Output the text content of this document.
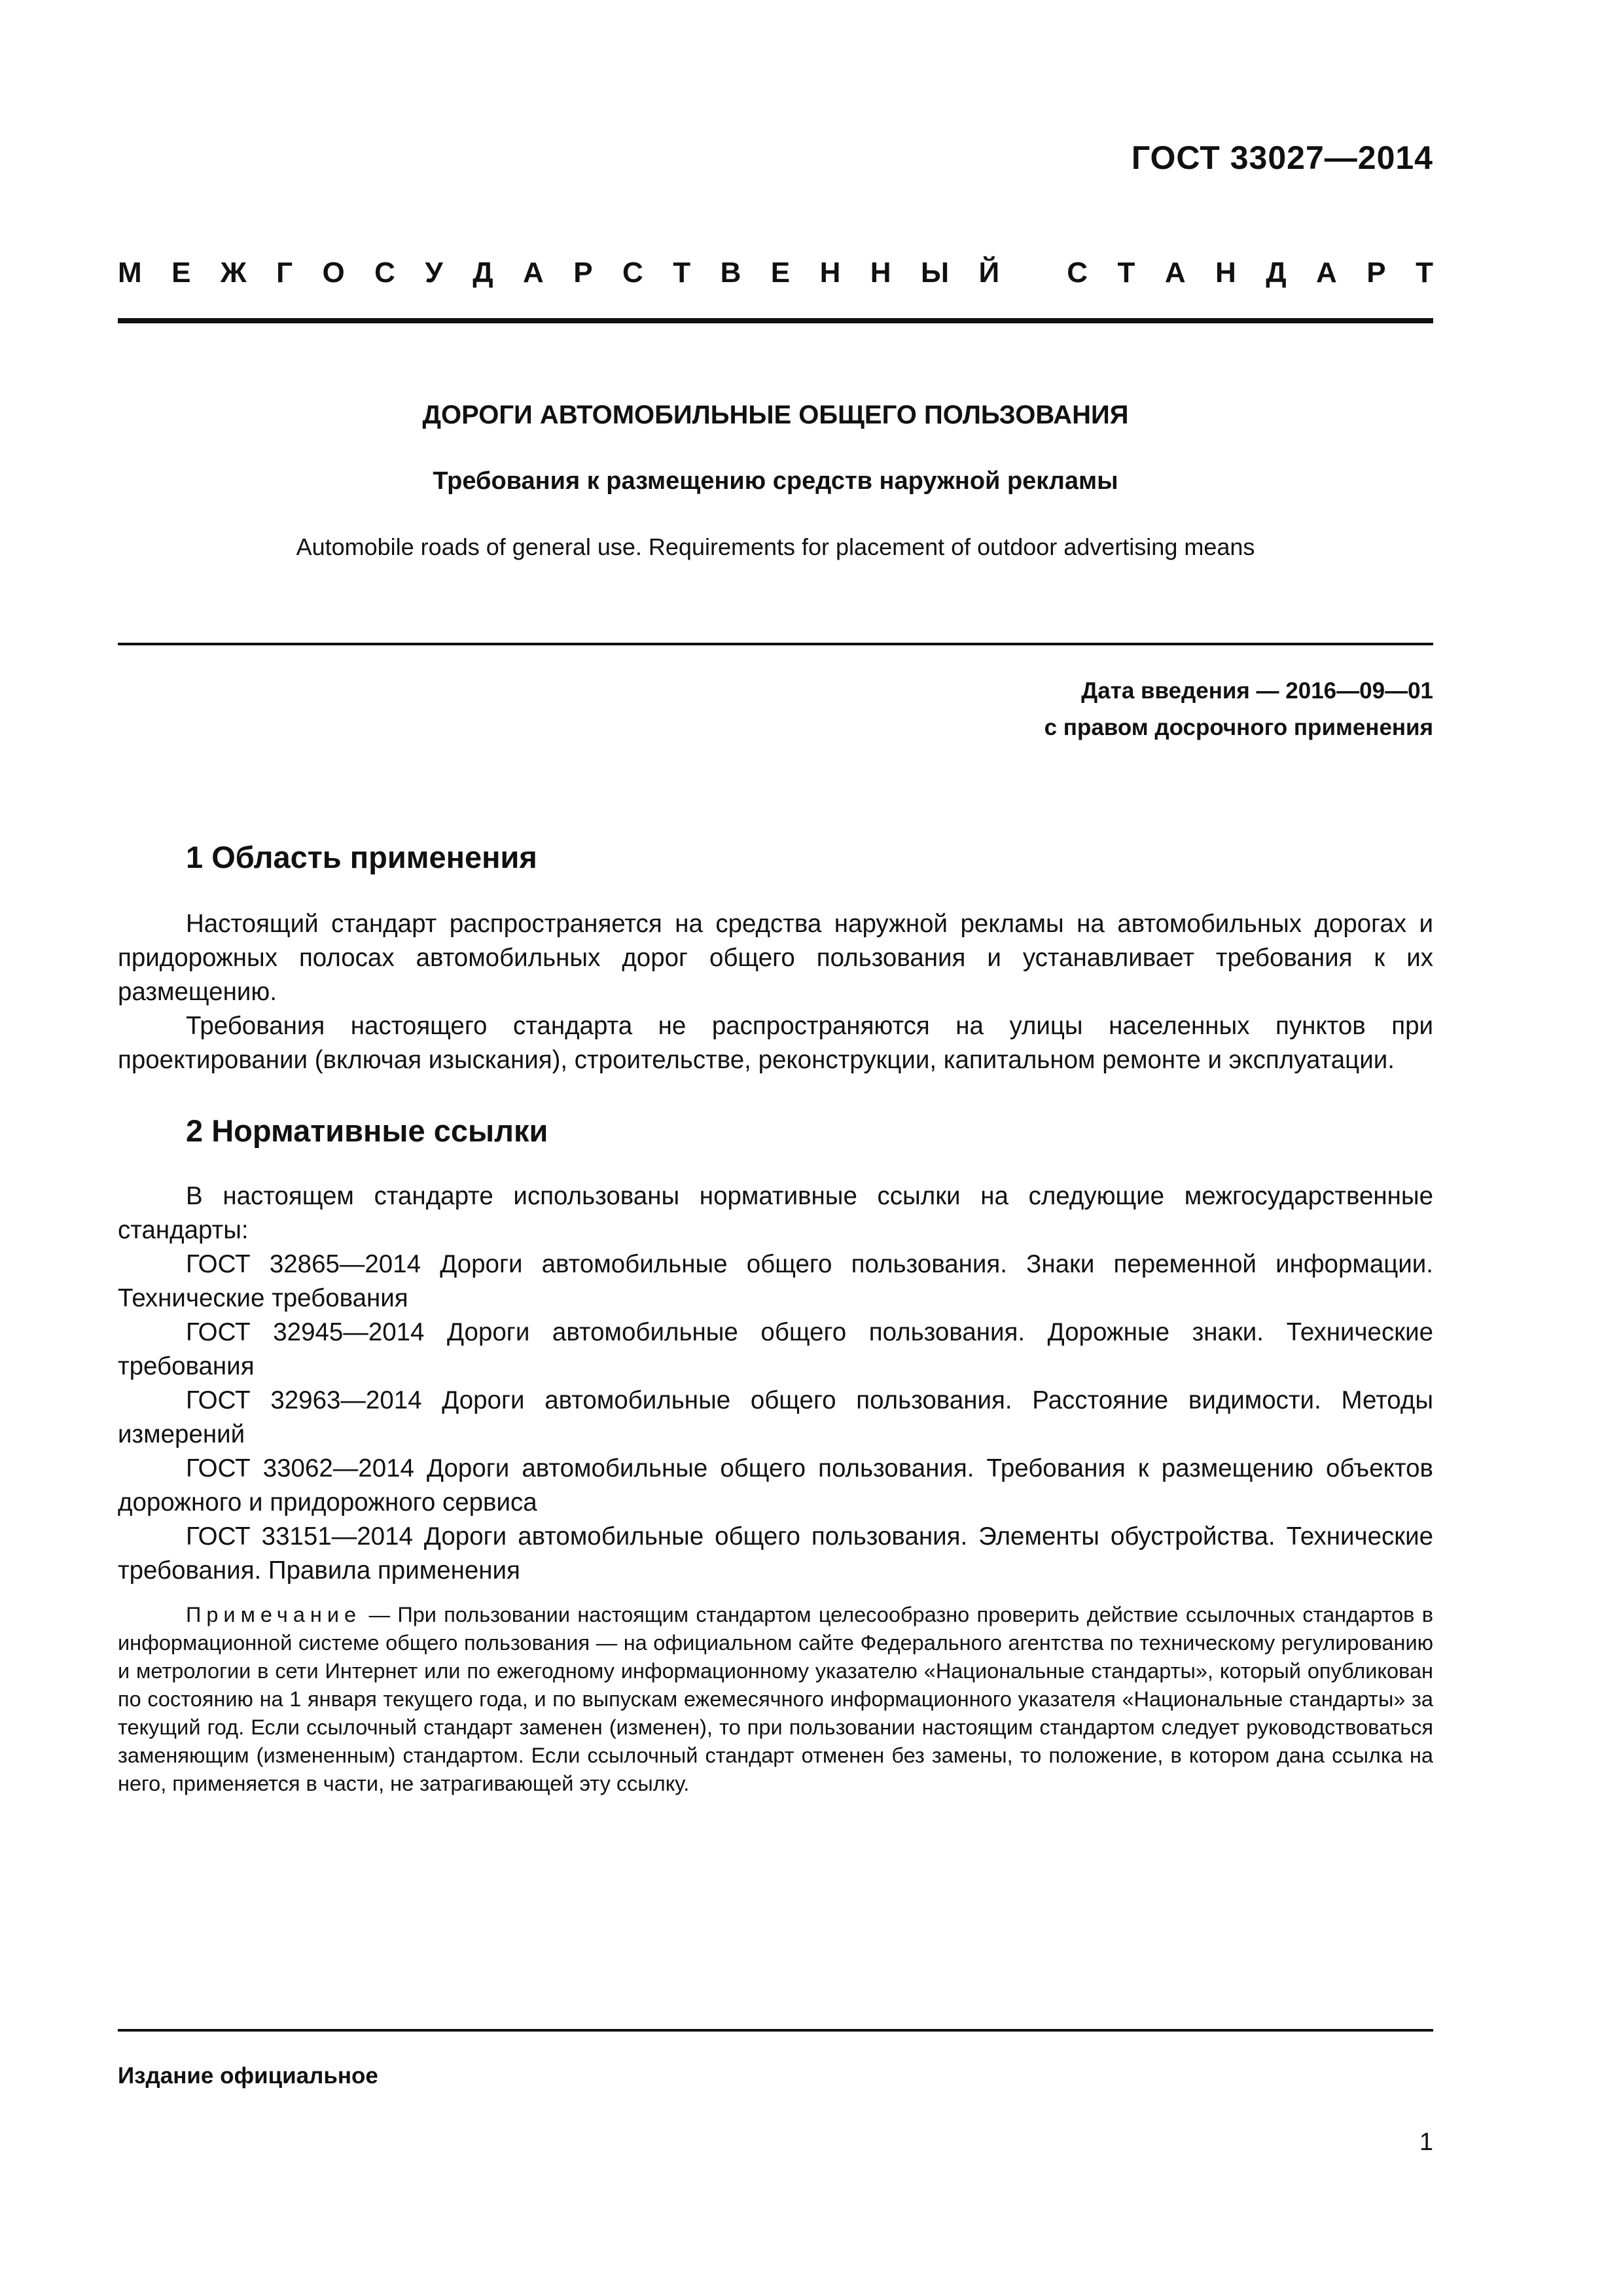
ГОСТ 33027—2014
М Е Ж Г О С У Д А Р С Т В Е Н Н Ы Й
С Т А Н Д А Р Т
ДОРОГИ АВТОМОБИЛЬНЫЕ ОБЩЕГО ПОЛЬЗОВАНИЯ
Требования к размещению средств наружной рекламы
Automobile roads of general use. Requirements for placement of outdoor advertising means
Дата введения — 2016—09—01
с правом досрочного применения
1 Область применения

Настоящий стандарт распространяется на средства наружной рекламы на автомобильных дорогах и придорожных полосах автомобильных дорог общего пользования и устанавливает требования к их размещению.

Требования настоящего стандарта не распространяются на улицы населенных пунктов при проектировании (включая изыскания), строительстве, реконструкции, капитальном ремонте и эксплуатации.

2 Нормативные ссылки

В настоящем стандарте использованы нормативные ссылки на следующие межгосударственные стандарты:

ГОСТ 32865—2014 Дороги автомобильные общего пользования. Знаки переменной информации. Технические требования

ГОСТ 32945—2014 Дороги автомобильные общего пользования. Дорожные знаки. Технические требования

ГОСТ 32963—2014 Дороги автомобильные общего пользования. Расстояние видимости. Методы измерений

ГОСТ 33062—2014 Дороги автомобильные общего пользования. Требования к размещению объектов дорожного и придорожного сервиса

ГОСТ 33151—2014 Дороги автомобильные общего пользования. Элементы обустройства. Технические требования. Правила применения

Примечание — При пользовании настоящим стандартом целесообразно проверить действие ссылочных стандартов в информационной системе общего пользования — на официальном сайте Федерального агентства по техническому регулированию и метрологии в сети Интернет или по ежегодному информационному указателю «Национальные стандарты», который опубликован по состоянию на 1 января текущего года, и по выпускам ежемесячного информационного указателя «Национальные стандарты» за текущий год. Если ссылочный стандарт заменен (изменен), то при пользовании настоящим стандартом следует руководствоваться заменяющим (измененным) стандартом. Если ссылочный стандарт отменен без замены, то положение, в котором дана ссылка на него, применяется в части, не затрагивающей эту ссылку.
Издание официальное
1
